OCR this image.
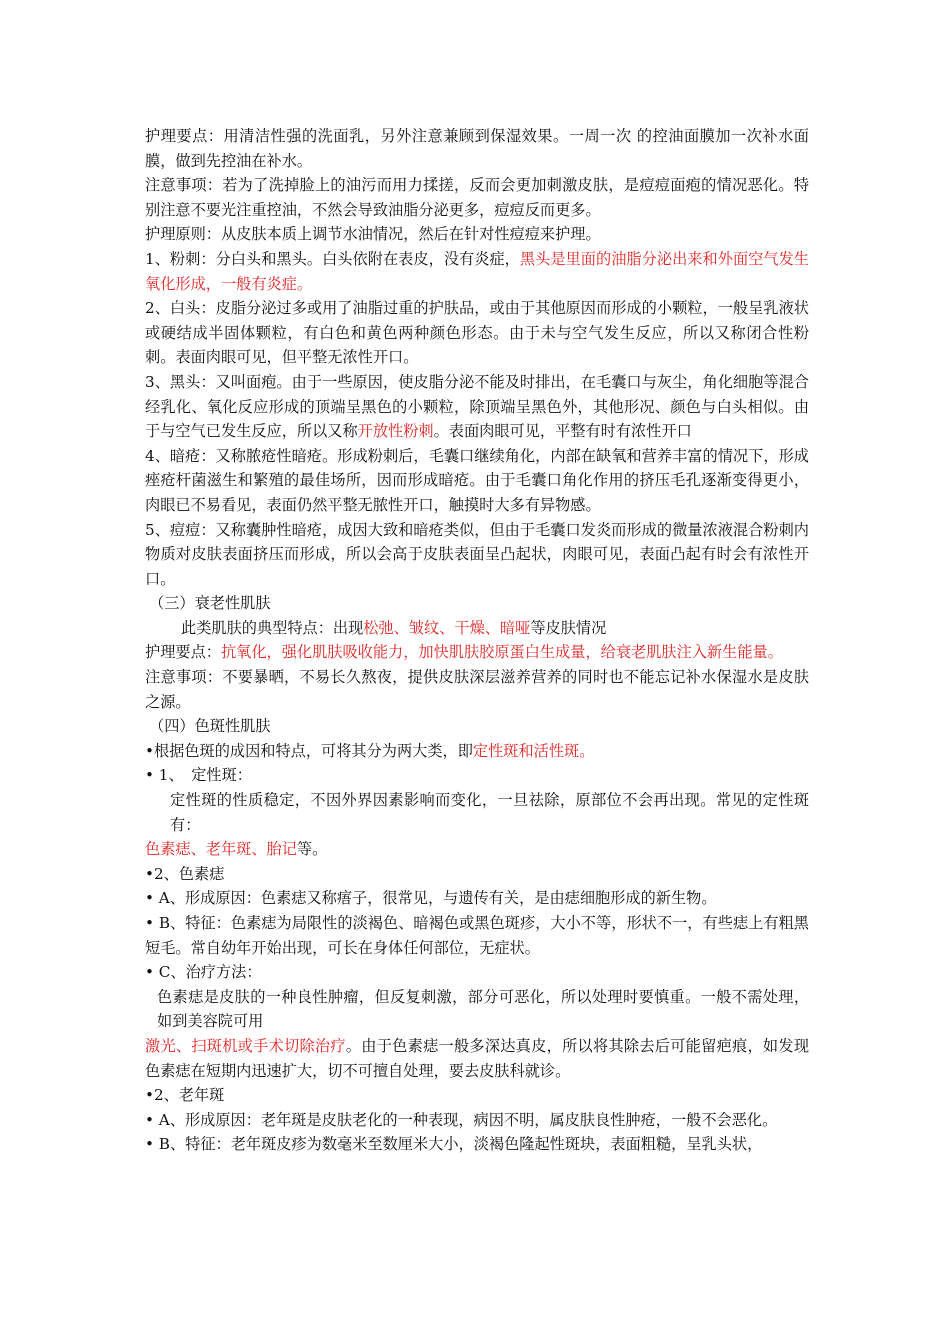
护理要点：用清洁性强的洗面乳，另外注意兼顾到保湿效果。一周一次 的控油面膜加一次补水面膜，做到先控油在补水。

注意事项：若为了洗掉脸上的油污而用力揉搓，反而会更加刺激皮肤，是痘痘面疱的情况恶化。特别注意不要光注重控油，不然会导致油脂分泌更多，痘痘反而更多。

护理原则：从皮肤本质上调节水油情况，然后在针对性痘痘来护理。

1、粉刺：分白头和黑头。白头依附在表皮，没有炎症，黑头是里面的油脂分泌出来和外面空气发生氧化形成，一般有炎症。

2、白头：皮脂分泌过多或用了油脂过重的护肤品，或由于其他原因而形成的小颗粒，一般呈乳液状或硬结成半固体颗粒，有白色和黄色两种颜色形态。由于未与空气发生反应，所以又称闭合性粉刺。表面肉眼可见，但平整无浓性开口。

3、黑头：又叫面疱。由于一些原因，使皮脂分泌不能及时排出，在毛囊口与灰尘，角化细胞等混合经乳化、氧化反应形成的顶端呈黑色的小颗粒，除顶端呈黑色外，其他形况、颜色与白头相似。由于与空气已发生反应，所以又称开放性粉刺。表面肉眼可见，平整有时有浓性开口

4、暗疮：又称脓疮性暗疮。形成粉刺后，毛囊口继续角化，内部在缺氧和营养丰富的情况下，形成痤疮杆菌滋生和繁殖的最佳场所，因而形成暗疮。由于毛囊口角化作用的挤压毛孔逐渐变得更小，肉眼已不易看见，表面仍然平整无脓性开口，触摸时大多有异物感。

5、痘痘：又称囊肿性暗疮，成因大致和暗疮类似，但由于毛囊口发炎而形成的微量浓液混合粉刺内物质对皮肤表面挤压而形成，所以会高于皮肤表面呈凸起状，肉眼可见，表面凸起有时会有浓性开口。

（三）衰老性肌肤

此类肌肤的典型特点：出现松弛、皱纹、干燥、暗哑等皮肤情况

护理要点：抗氧化，强化肌肤吸收能力，加快肌肤胶原蛋白生成量，给衰老肌肤注入新生能量。

注意事项：不要暴晒，不易长久熬夜，提供皮肤深层滋养营养的同时也不能忘记补水保湿水是皮肤之源。

（四）色斑性肌肤

•根据色斑的成因和特点，可将其分为两大类，即定性斑和活性斑。

• 1、　定性斑：

定性斑的性质稳定，不因外界因素影响而变化，一旦祛除，原部位不会再出现。常见的定性斑有：　色素痣、老年斑、胎记等。

•2、色素痣

• A、形成原因：色素痣又称痦子，很常见，与遗传有关，是由痣细胞形成的新生物。

• B、特征：色素痣为局限性的淡褐色、暗褐色或黑色斑疹，大小不等，形状不一，有些痣上有粗黑短毛。常自幼年开始出现，可长在身体任何部位，无症状。

• C、治疗方法：

色素痣是皮肤的一种良性肿瘤，但反复刺激，部分可恶化，所以处理时要慎重。一般不需处理，如到美容院可用激光、扫斑机或手术切除治疗。由于色素痣一般多深达真皮，所以将其除去后可能留疤痕，如发现色素痣在短期内迅速扩大，切不可擅自处理，要去皮肤科就诊。

•2、老年斑

• A、形成原因：老年斑是皮肤老化的一种表现，病因不明，属皮肤良性肿疮，一般不会恶化。

• B、特征：老年斑皮疹为数毫米至数厘米大小，淡褐色隆起性斑块，表面粗糙，呈乳头状，
